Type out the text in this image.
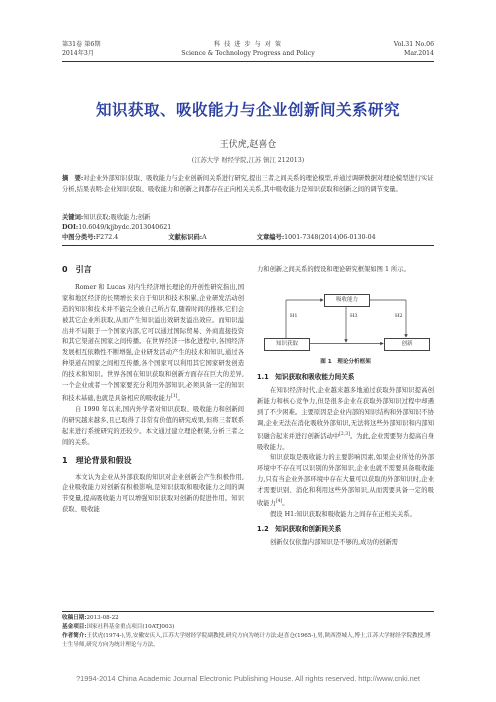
第31卷 第6期
2014年3月
科 技 进 步 与 对 策
Science & Technology Progress and Policy
Vol.31 No.06
Mar.2014
知识获取、吸收能力与企业创新间关系研究
王伏虎,赵喜仓
(江苏大学 财经学院,江苏 镇江 212013)
摘　要:对企业外部知识获取、吸收能力与企业创新间关系进行研究,提出三者之间关系的理论模型,并通过调研数据对理论模型进行实证分析,结果表明:企业知识获取、吸收能力和创新之间都存在正向相关关系,其中吸收能力是知识获取和创新之间的调节变量。
关键词:知识获取;吸收能力;创新
DOI:10.6049/kjjbydc.2013040621
中图分类号:F272.4	文献标识码:A	文章编号:1001-7348(2014)06-0130-04
0　引言

Romer 和 Lucas 对内生经济增长理论的开创性研究指出,国家和地区经济的长期增长来自于知识和技术积累,企业研发活动创造的知识和技术并不能完全被自己所占有,随着时间的推移,它们会被其它企业所获取,从而产生知识溢出效研发溢出效应。而知识溢出并不局限于一个国家内部,它可以通过国际贸易、外商直接投资和其它渠道在国家之间传播。在世界经济一体化进程中,各国经济发展相互依赖性不断增强,企业研发活动产生的技术和知识,通过各种渠道在国家之间相互传播,各个国家可以利用其它国家研发创造的技术和知识。世界各国在知识获取和创新方面存在巨大的差异,一个企业或者一个国家要充分利用外部知识,必须具备一定的知识和技术基础,也就是具备相应的吸收能力[1]。

自 1990 年以来,国内外学者对知识获取、吸收能力和创新间的研究越来越多,且已取得了非常有价值的研究成果,但将三者联系起来进行系统研究的还较少。本文通过建立理论框架,分析三者之间的关系。

1　理论背景和假设

本文认为企业从外部获取的知识对企业创新会产生积极作用,企业吸收能力对创新有积极影响,是知识获取和吸收能力之间的调节变量,提高吸收能力可以增强知识获取对创新的促进作用。知识获取、吸收能

力和创新之间关系的假设和理论研究框架如图 1 所示。

吸收能力
知识获取	创新
H1	H2
H3
图 1　理论分析框架
1.1　知识获取和吸收能力间关系

在知识经济时代,企业越来越多地通过获取外部知识提高创新能力和核心竞争力,但是很多企业在获取外部知识过程中却遇到了不少困难。主要原因是企业内部的知识结构和外部知识不协调,企业无法在消化吸收外部知识,无法将这些外部知识和内部知识融合起来并进行创新活动中[2,3]。为此,企业需要努力提高自身吸收能力。

知识获取是吸收能力的主要影响因素,如果企业所处的外部环境中不存在可以识别的外部知识,企业也就不需要具备吸收能力,只有当企业外部环境中存在大量可以获取的外部知识时,企业才需要识别、消化和利用这些外部知识,从而需要具备一定的吸收能力[4]。

假设 H1:知识获取和吸收能力之间存在正相关关系。

1.2　知识获取和创新间关系

创新仅仅依靠内部知识是不够的,成功的创新需

收稿日期:2013-08-22
基金项目:国家社科基金重点项目(10ATJ003)
作者简介:王伏虎(1974-),男,安徽安庆人,江苏大学财经学院副教授,研究方向为统计方法;赵喜仓(1965-),男,陕西澄城人,博士,江苏大学财经学院教授,博士生导师,研究方向为统计理论与方法。
?1994-2014 China Academic Journal Electronic Publishing House. All rights reserved. http://www.cnki.net
